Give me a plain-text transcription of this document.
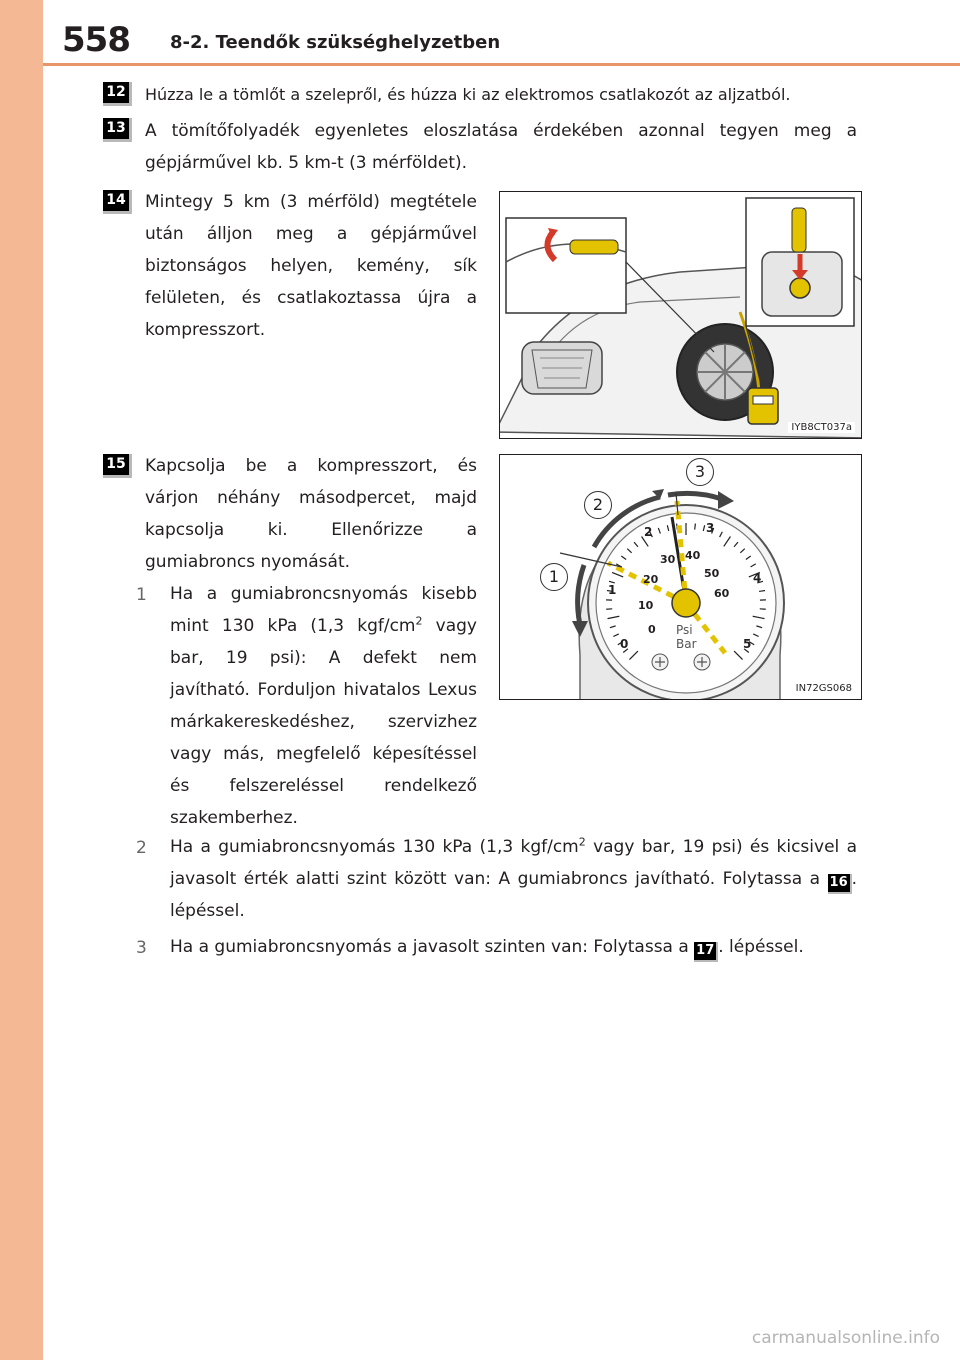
558 8-2. Teendők szükséghelyzetben
12	Húzza le a tömlőt a szelepről, és húzza ki az elektromos csatlakozót az aljzatból.
13	A tömítőfolyadék egyenletes eloszlatása érdekében azonnal tegyen meg a gépjárművel kb. 5 km-t (3 mérföldet).
14	Mintegy 5 km (3 mérföld) megtétele után álljon meg a gépjárművel biztonságos helyen, kemény, sík felületen, és csatlakoztassa újra a kompresszort.
IYB8CT037a
15	Kapcsolja be a kompresszort, és várjon néhány másodpercet, majd kapcsolja ki. Ellenőrizze a gumiabroncs nyomását.
1
2
3
0
1
2	3
4
5
0
10
20
30 40
50
60
Psi
Bar
IN72GS068
1 Ha a gumiabroncsnyomás kisebb mint 130 kPa (1,3 kgf/$cm^2$ vagy bar, 19 psi): A defekt nem javítható. Forduljon hivatalos Lexus márkakereskedéshez, szervizhez vagy más, megfelelő képesítéssel és felszereléssel rendelkező szakemberhez.
2 Ha a gumiabroncsnyomás 130 kPa (1,3 kgf/$cm^2$ vagy bar, 19 psi) és kicsivel a javasolt érték alatti szint között van: A gumiabroncs javítható. Folytassa a 16 . lépéssel.
3 Ha a gumiabroncsnyomás a javasolt szinten van: Folytassa a 17 . lépéssel.
carmanualsonline.info
